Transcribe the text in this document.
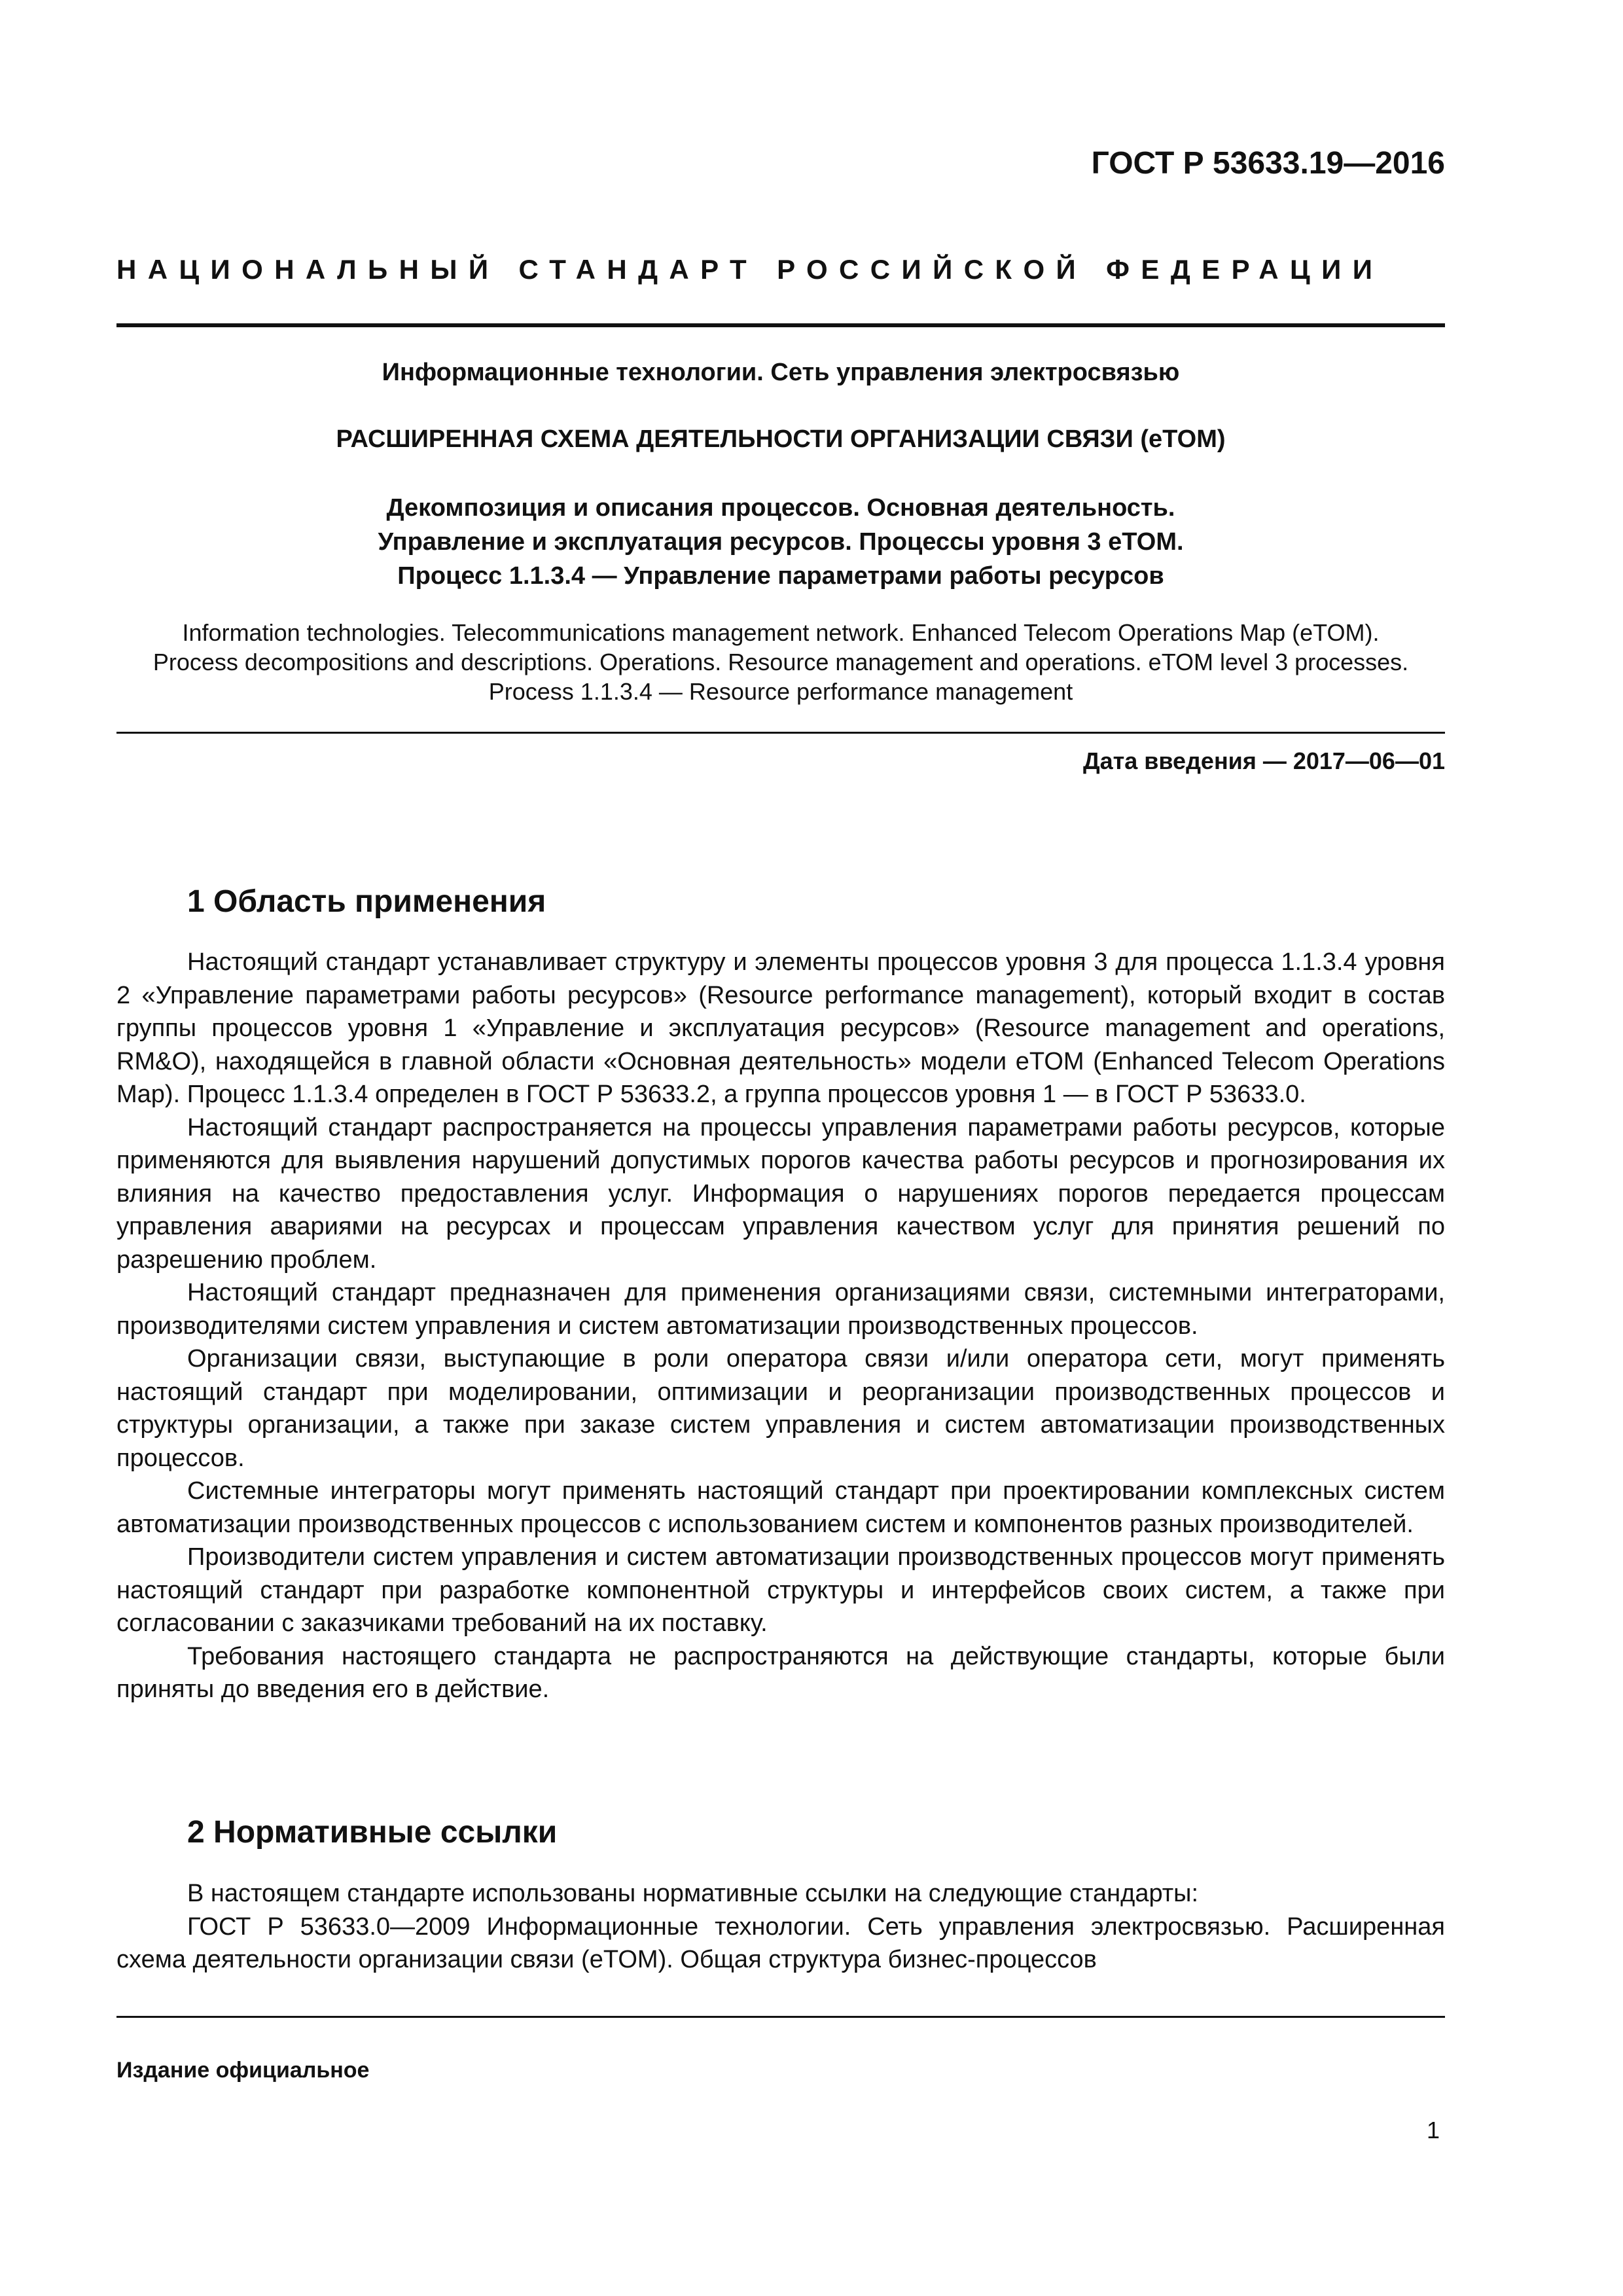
ГОСТ Р 53633.19—2016
НАЦИОНАЛЬНЫЙ СТАНДАРТ РОССИЙСКОЙ ФЕДЕРАЦИИ
Информационные технологии. Сеть управления электросвязью
РАСШИРЕННАЯ СХЕМА ДЕЯТЕЛЬНОСТИ ОРГАНИЗАЦИИ СВЯЗИ (eTOM)
Декомпозиция и описания процессов. Основная деятельность.
Управление и эксплуатация ресурсов. Процессы уровня 3 eTOM.
Процесс 1.1.3.4 — Управление параметрами работы ресурсов
Information technologies. Telecommunications management network. Enhanced Telecom Operations Map (eTOM).
Process decompositions and descriptions. Operations. Resource management and operations. eTOM level 3 processes.
Process 1.1.3.4 — Resource performance management
Дата введения — 2017—06—01
1 Область применения

Настоящий стандарт устанавливает структуру и элементы процессов уровня 3 для процесса 1.1.3.4 уровня 2 «Управление параметрами работы ресурсов» (Resource performance management), который входит в состав группы процессов уровня 1 «Управление и эксплуатация ресурсов» (Resource management and operations, RM&O), находящейся в главной области «Основная деятельность» модели eTOM (Enhanced Telecom Operations Map). Процесс 1.1.3.4 определен в ГОСТ Р 53633.2, а группа процессов уровня 1 — в ГОСТ Р 53633.0.

Настоящий стандарт распространяется на процессы управления параметрами работы ресурсов, которые применяются для выявления нарушений допустимых порогов качества работы ресурсов и прогнозирования их влияния на качество предоставления услуг. Информация о нарушениях порогов передается процессам управления авариями на ресурсах и процессам управления качеством услуг для принятия решений по разрешению проблем.

Настоящий стандарт предназначен для применения организациями связи, системными интеграторами, производителями систем управления и систем автоматизации производственных процессов.

Организации связи, выступающие в роли оператора связи и/или оператора сети, могут применять настоящий стандарт при моделировании, оптимизации и реорганизации производственных процессов и структуры организации, а также при заказе систем управления и систем автоматизации производственных процессов.

Системные интеграторы могут применять настоящий стандарт при проектировании комплексных систем автоматизации производственных процессов с использованием систем и компонентов разных производителей.

Производители систем управления и систем автоматизации производственных процессов могут применять настоящий стандарт при разработке компонентной структуры и интерфейсов своих систем, а также при согласовании с заказчиками требований на их поставку.

Требования настоящего стандарта не распространяются на действующие стандарты, которые были приняты до введения его в действие.

2 Нормативные ссылки

В настоящем стандарте использованы нормативные ссылки на следующие стандарты:

ГОСТ Р 53633.0—2009 Информационные технологии. Сеть управления электросвязью. Расширенная схема деятельности организации связи (eTOM). Общая структура бизнес-процессов

Издание официальное
1
